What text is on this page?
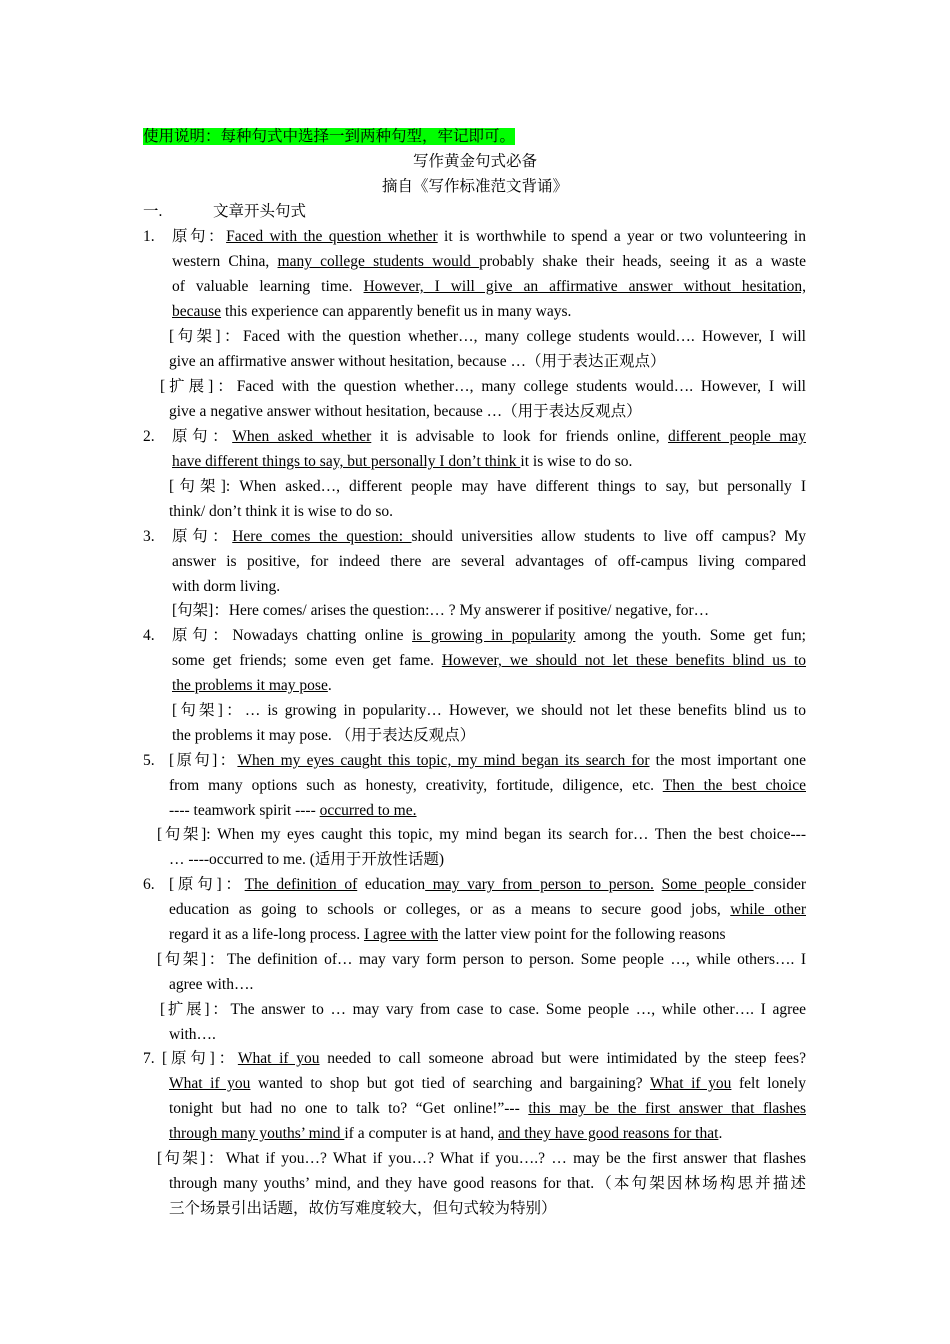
使用说明：每种句式中选择一到两种句型，牢记即可。
写作黄金句式必备
摘自《写作标准范文背诵》
一.	文章开头句式
1. 原句：Faced with the question whether it is worthwhile to spend a year or two volunteering in
western China, many college students would probably shake their heads, seeing it as a waste
of valuable learning time. However, I will give an affirmative answer without hesitation,
because this experience can apparently benefit us in many ways.
[句架]：Faced with the question whether…, many college students would…. However, I will
give an affirmative answer without hesitation, because …（用于表达正观点）
[扩展]：Faced with the question whether…, many college students would…. However, I will
give a negative answer without hesitation, because …（用于表达反观点）
2. 原句：When asked whether it is advisable to look for friends online, different people may
have different things to say, but personally I don’t think it is wise to do so.
[句架]: When asked…, different people may have different things to say, but personally I
think/ don’t think it is wise to do so.
3. 原句：Here comes the question: should universities allow students to live off campus? My
answer is positive, for indeed there are several advantages of off-campus living compared
with dorm living.
[句架]：Here comes/ arises the question:… ? My answerer if positive/ negative, for…
4. 原句：Nowadays chatting online is growing in popularity among the youth. Some get fun;
some get friends; some even get fame. However, we should not let these benefits blind us to
the problems it may pose.
[句架]：… is growing in popularity… However, we should not let these benefits blind us to
the problems it may pose. （用于表达反观点）
5. [原句]：When my eyes caught this topic, my mind began its search for the most important one
from many options such as honesty, creativity, fortitude, diligence, etc. Then the best choice
---- teamwork spirit ---- occurred to me.
[句架]: When my eyes caught this topic, my mind began its search for… Then the best choice---
… ----occurred to me. (适用于开放性话题)
6. [原句]：The definition of education may vary from person to person. Some people consider
education as going to schools or colleges, or as a means to secure good jobs, while other
regard it as a life-long process. I agree with the latter view point for the following reasons
[句架]：The definition of… may vary form person to person. Some people …, while others…. I
agree with….
[扩展]：The answer to … may vary from case to case. Some people …, while other…. I agree
with….
7. [原句]：What if you needed to call someone abroad but were intimidated by the steep fees?
What if you wanted to shop but got tied of searching and bargaining? What if you felt lonely
tonight but had no one to talk to? “Get online!”--- this may be the first answer that flashes
through many youths’ mind if a computer is at hand, and they have good reasons for that.
[句架]：What if you…? What if you…? What if you….? … may be the first answer that flashes
through many youths’ mind, and they have good reasons for that.（本句架因林场构思并描述
三个场景引出话题，故仿写难度较大，但句式较为特别）
